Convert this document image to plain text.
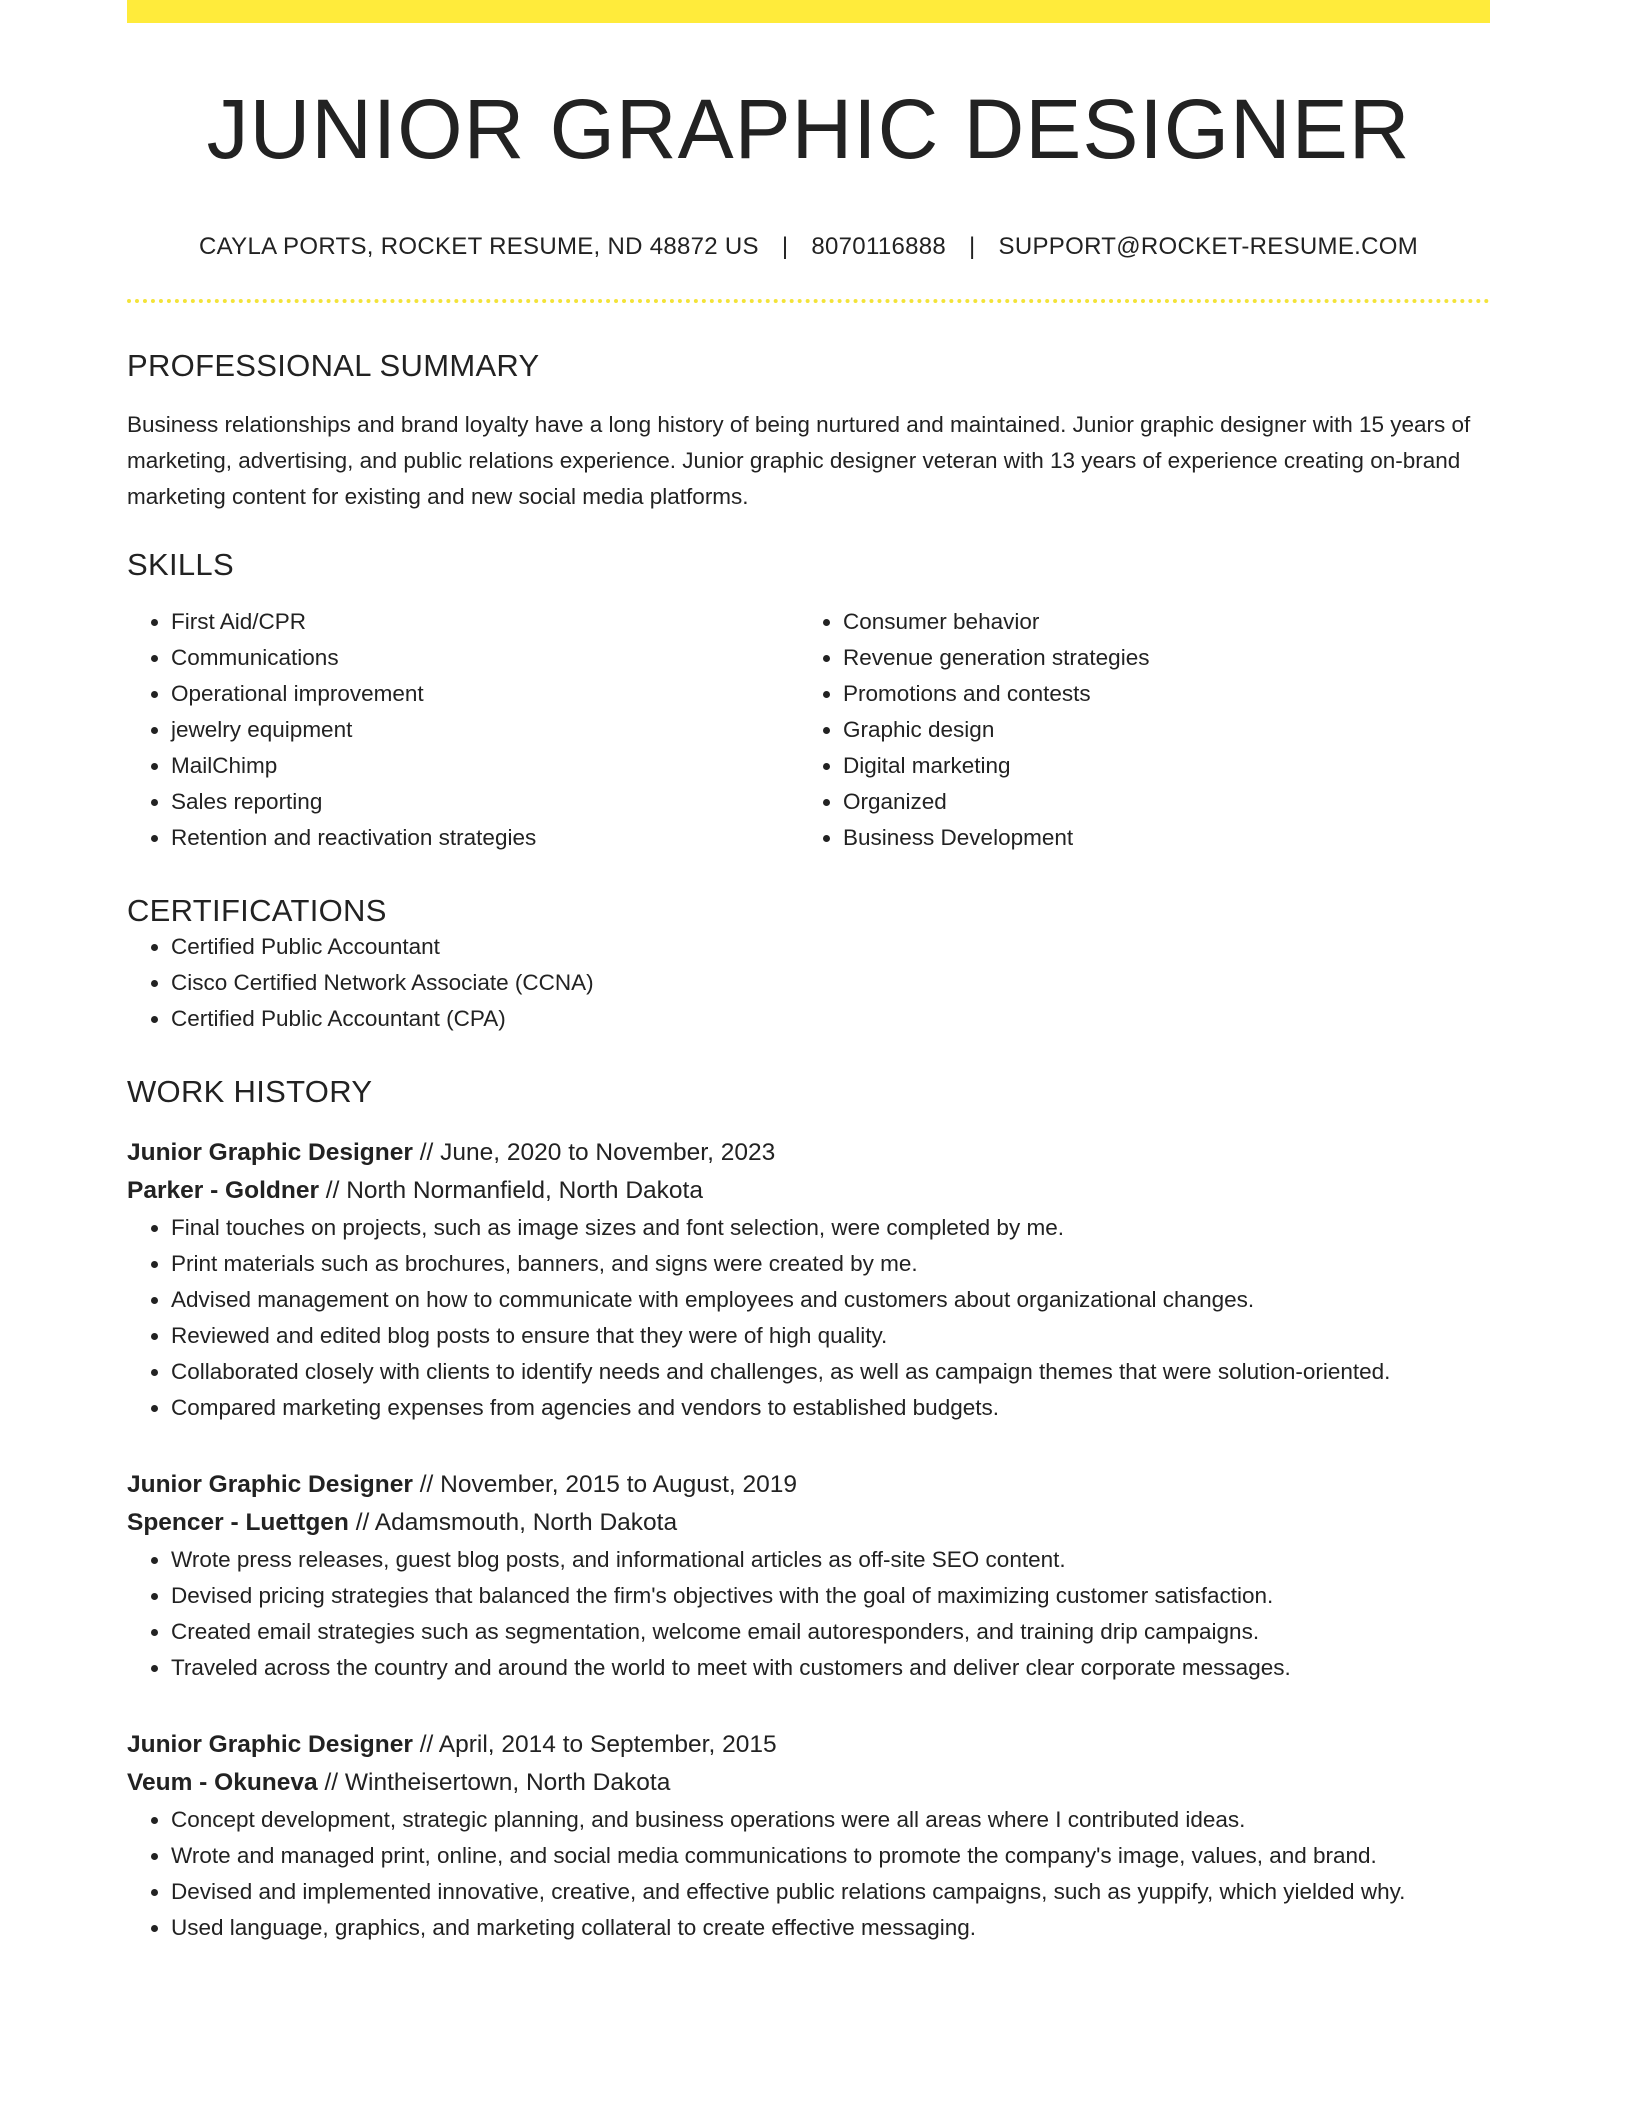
JUNIOR GRAPHIC DESIGNER
CAYLA PORTS, ROCKET RESUME, ND 48872 US | 8070116888 | SUPPORT@ROCKET-RESUME.COM
PROFESSIONAL SUMMARY
Business relationships and brand loyalty have a long history of being nurtured and maintained. Junior graphic designer with 15 years of marketing, advertising, and public relations experience. Junior graphic designer veteran with 13 years of experience creating on-brand marketing content for existing and new social media platforms.
SKILLS
• First Aid/CPR
• Communications
• Operational improvement
• jewelry equipment
• MailChimp
• Sales reporting
• Retention and reactivation strategies
• Consumer behavior
• Revenue generation strategies
• Promotions and contests
• Graphic design
• Digital marketing
• Organized
• Business Development
CERTIFICATIONS
• Certified Public Accountant
• Cisco Certified Network Associate (CCNA)
• Certified Public Accountant (CPA)
WORK HISTORY
Junior Graphic Designer // June, 2020 to November, 2023
Parker - Goldner // North Normanfield, North Dakota
• Final touches on projects, such as image sizes and font selection, were completed by me.
• Print materials such as brochures, banners, and signs were created by me.
• Advised management on how to communicate with employees and customers about organizational changes.
• Reviewed and edited blog posts to ensure that they were of high quality.
• Collaborated closely with clients to identify needs and challenges, as well as campaign themes that were solution-oriented.
• Compared marketing expenses from agencies and vendors to established budgets.
Junior Graphic Designer // November, 2015 to August, 2019
Spencer - Luettgen // Adamsmouth, North Dakota
• Wrote press releases, guest blog posts, and informational articles as off-site SEO content.
• Devised pricing strategies that balanced the firm's objectives with the goal of maximizing customer satisfaction.
• Created email strategies such as segmentation, welcome email autoresponders, and training drip campaigns.
• Traveled across the country and around the world to meet with customers and deliver clear corporate messages.
Junior Graphic Designer // April, 2014 to September, 2015
Veum - Okuneva // Wintheisertown, North Dakota
• Concept development, strategic planning, and business operations were all areas where I contributed ideas.
• Wrote and managed print, online, and social media communications to promote the company's image, values, and brand.
• Devised and implemented innovative, creative, and effective public relations campaigns, such as yuppify, which yielded why.
• Used language, graphics, and marketing collateral to create effective messaging.
